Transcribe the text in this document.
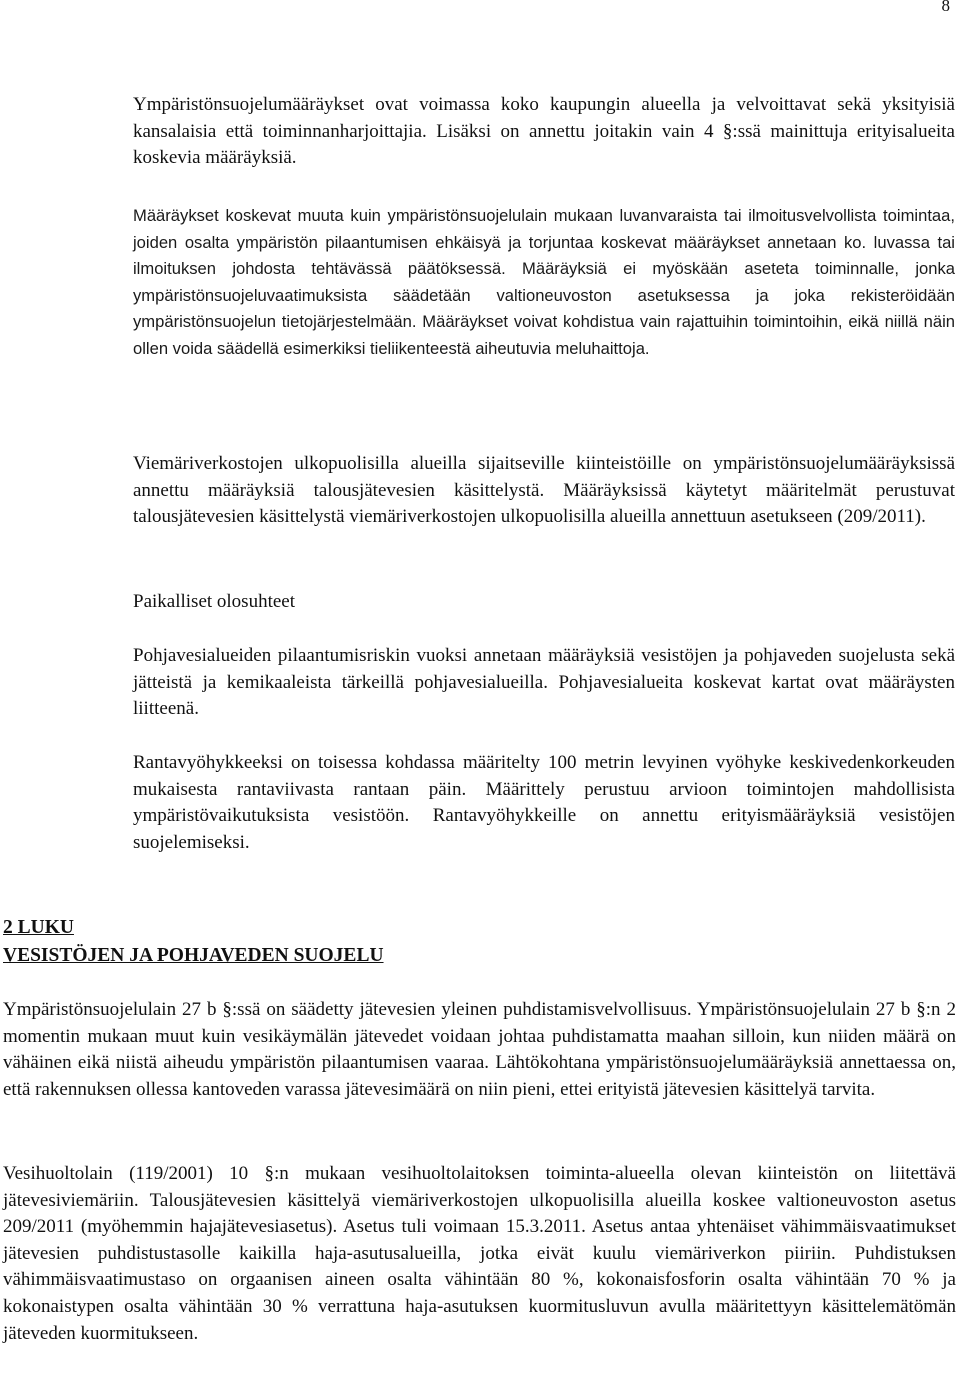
8

Ympäristönsuojelumääräykset ovat voimassa koko kaupungin alueella ja velvoittavat sekä yksityisiä kansalaisia että toiminnanharjoittajia. Lisäksi on annettu joitakin vain 4 §:ssä mainittuja erityisalueita koskevia määräyksiä.

Määräykset koskevat muuta kuin ympäristönsuojelulain mukaan luvanvaraista tai ilmoitusvelvollista toimintaa, joiden osalta ympäristön pilaantumisen ehkäisyä ja torjuntaa koskevat määräykset annetaan ko. luvassa tai ilmoituksen johdosta tehtävässä päätöksessä. Määräyksiä ei myöskään aseteta toiminnalle, jonka ympäristönsuojeluvaatimuksista säädetään valtioneuvoston asetuksessa ja joka rekisteröidään ympäristönsuojelun tietojärjestelmään. Määräykset voivat kohdistua vain rajattuihin toimintoihin, eikä niillä näin ollen voida säädellä esimerkiksi tieliikenteestä aiheutuvia meluhaittoja.

Viemäriverkostojen ulkopuolisilla alueilla sijaitseville kiinteistöille on ympäristönsuojelumääräyksissä annettu määräyksiä talousjätevesien käsittelystä. Määräyksissä käytetyt määritelmät perustuvat talousjätevesien käsittelystä viemäriverkostojen ulkopuolisilla alueilla annettuun asetukseen (209/2011).

Paikalliset olosuhteet

Pohjavesialueiden pilaantumisriskin vuoksi annetaan määräyksiä vesistöjen ja pohjaveden suojelusta sekä jätteistä ja kemikaaleista tärkeillä pohjavesialueilla. Pohjavesialueita koskevat kartat ovat määräysten liitteenä.

Rantavyöhykkeeksi on toisessa kohdassa määritelty 100 metrin levyinen vyöhyke keskivedenkorkeuden mukaisesta rantaviivasta rantaan päin. Määrittely perustuu arvioon toimintojen mahdollisista ympäristövaikutuksista vesistöön. Rantavyöhykkeille on annettu erityismääräyksiä vesistöjen suojelemiseksi.

2 LUKU
VESISTÖJEN JA POHJAVEDEN SUOJELU

Ympäristönsuojelulain 27 b §:ssä on säädetty jätevesien yleinen puhdistamisvelvollisuus. Ympäristönsuojelulain 27 b §:n 2 momentin mukaan muut kuin vesikäymälän jätevedet voidaan johtaa puhdistamatta maahan silloin, kun niiden määrä on vähäinen eikä niistä aiheudu ympäristön pilaantumisen vaaraa. Lähtökohtana ympäristönsuojelumääräyksiä annettaessa on, että rakennuksen ollessa kantoveden varassa jätevesimäärä on niin pieni, ettei erityistä jätevesien käsittelyä tarvita.

Vesihuoltolain (119/2001) 10 §:n mukaan vesihuoltolaitoksen toiminta-alueella olevan kiinteistön on liitettävä jätevesiviemäriin. Talousjätevesien käsittelyä viemäriverkostojen ulkopuolisilla alueilla koskee valtioneuvoston asetus 209/2011 (myöhemmin hajajätevesiasetus). Asetus tuli voimaan 15.3.2011. Asetus antaa yhtenäiset vähimmäisvaatimukset jätevesien puhdistustasolle kaikilla haja-asutusalueilla, jotka eivät kuulu viemäriverkon piiriin. Puhdistuksen vähimmäisvaatimustaso on orgaanisen aineen osalta vähintään 80 %, kokonaisfosforin osalta vähintään 70 % ja kokonaistypen osalta vähintään 30 % verrattuna haja-asutuksen kuormitusluvun avulla määritettyyn käsittelemätömän jäteveden kuormitukseen.
